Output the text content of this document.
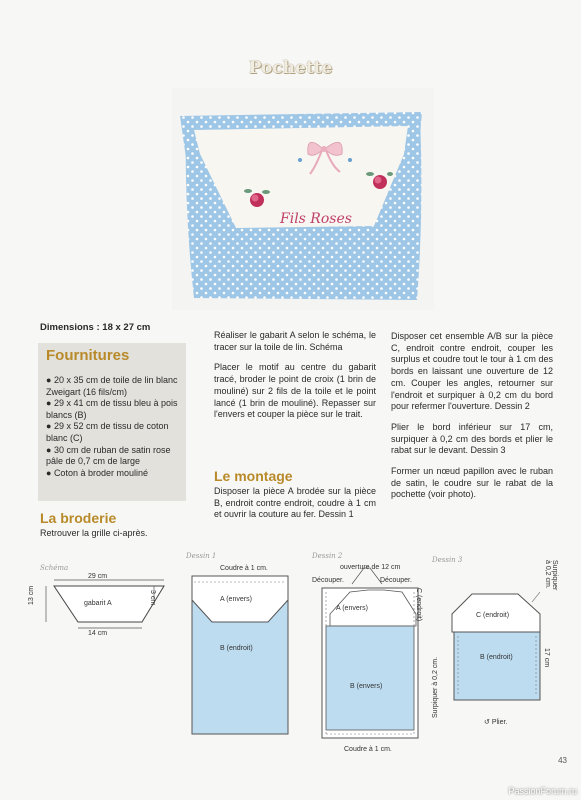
Pochette
Fils Roses
Dimensions : 18 x 27 cm
Fournitures
● 20 x 35 cm de toile de lin blanc Zweigart (16 fils/cm)
● 29 x 41 cm de tissu bleu à pois blancs (B)
● 29 x 52 cm de tissu de coton blanc (C)
● 30 cm de ruban de satin rose pâle de 0,7 cm de large
● Coton à broder mouliné
La broderie
Retrouver la grille ci-après.

Réaliser le gabarit A selon le schéma, le tracer sur la toile de lin. Schéma

Placer le motif au centre du gabarit tracé, broder le point de croix (1 brin de mouliné) sur 2 fils de la toile et le point lancé (1 brin de mouliné). Repasser sur l'envers et couper la pièce sur le trait.

Le montage
Disposer la pièce A brodée sur la pièce B, endroit contre endroit, coudre à 1 cm et ouvrir la couture au fer. Dessin 1

Disposer cet ensemble A/B sur la pièce C, endroit contre endroit, couper les surplus et coudre tout le tour à 1 cm des bords en laissant une ouverture de 12 cm. Couper les angles, retourner sur l'endroit et surpiquer à 0,2 cm du bord pour refermer l'ouverture. Dessin 2

Plier le bord inférieur sur 17 cm, surpiquer à 0,2 cm des bords et plier le rabat sur le devant. Dessin 3

Former un nœud papillon avec le ruban de satin, le coudre sur le rabat de la pochette (voir photo).

Schéma
29 cm
13 cm	3 cm
gabarit A
14 cm
Dessin 1
Coudre à 1 cm.
A (envers)
B (endroit)
Dessin 2
ouverture de 12 cm
Découper.	Découper.
C (endroit)
A (envers)
B (envers)
Coudre à 1 cm.
Dessin 3	Surpiquer à 0,2 cm.
Surpiquer à 0,2 cm.
C (endroit)
B (endroit)	17 cm
↺ Plier.
43
PassionForum.ru
